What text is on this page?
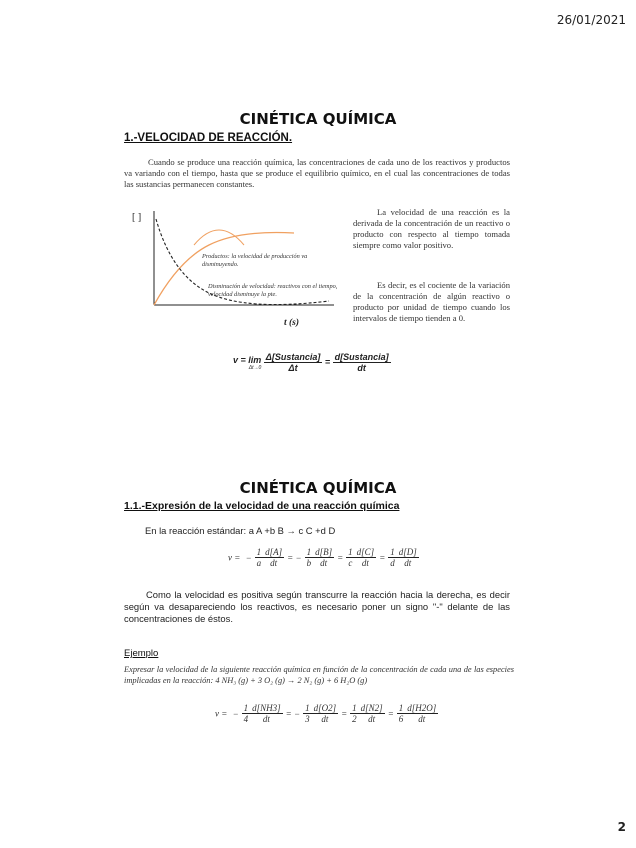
26/01/2021
2
CINÉTICA QUÍMICA
1.-VELOCIDAD DE REACCIÓN.
Cuando se produce una reacción química, las concentraciones de cada uno de los reactivos y productos va variando con el tiempo, hasta que se produce el equilibrio químico, en el cual las concentraciones de todas las sustancias permanecen constantes.
[ ]
Productos: la velocidad de producción va disminuyendo.
Disminución de velocidad: reactivos con el tiempo, velocidad disminuye la pte.
t (s)
La velocidad de una reacción es la derivada de la concentración de un reactivo o producto con respecto al tiempo tomada siempre como valor positivo.
Es decir, es el cociente de la variación de la concentración de algún reactivo o producto por unidad de tiempo cuando los intervalos de tiempo tienden a 0.
v = lim
Δt→0
$\frac{\text{Δ[Sustancia]}}{\Delta t} = \frac{\text{d[Sustancia]}}{dt}$
CINÉTICA QUÍMICA
1.1.-Expresión de la velocidad de una reacción química
En la reacción estándar: a A +b B → c C +d D
v = − $\frac{1}{a} \frac{d[A]}{dt}$ = − $\frac{1}{b} \frac{d[B]}{dt} = \frac{1}{c} \frac{d[C]}{dt} = \frac{1}{d} \frac{d[D]}{dt}$
Como la velocidad es positiva según transcurre la reacción hacia la derecha, es decir según va desapareciendo los reactivos, es necesario poner un signo "-" delante de las concentraciones de éstos.
Ejemplo
Expresar la velocidad de la siguiente reacción química en función de la concentración de cada una de las especies implicadas en la reacción: 4 NH₃ (g) + 3 O₂ (g) → 2 N₂ (g) + 6 H₂O (g)
v = − $\frac{1}{4} \frac{d[NH3]}{dt}$ = − $\frac{1}{3} \frac{d[O2]}{dt} = \frac{1}{2} \frac{d[N2]}{dt} = \frac{1}{6} \frac{d[H2O]}{dt}$
